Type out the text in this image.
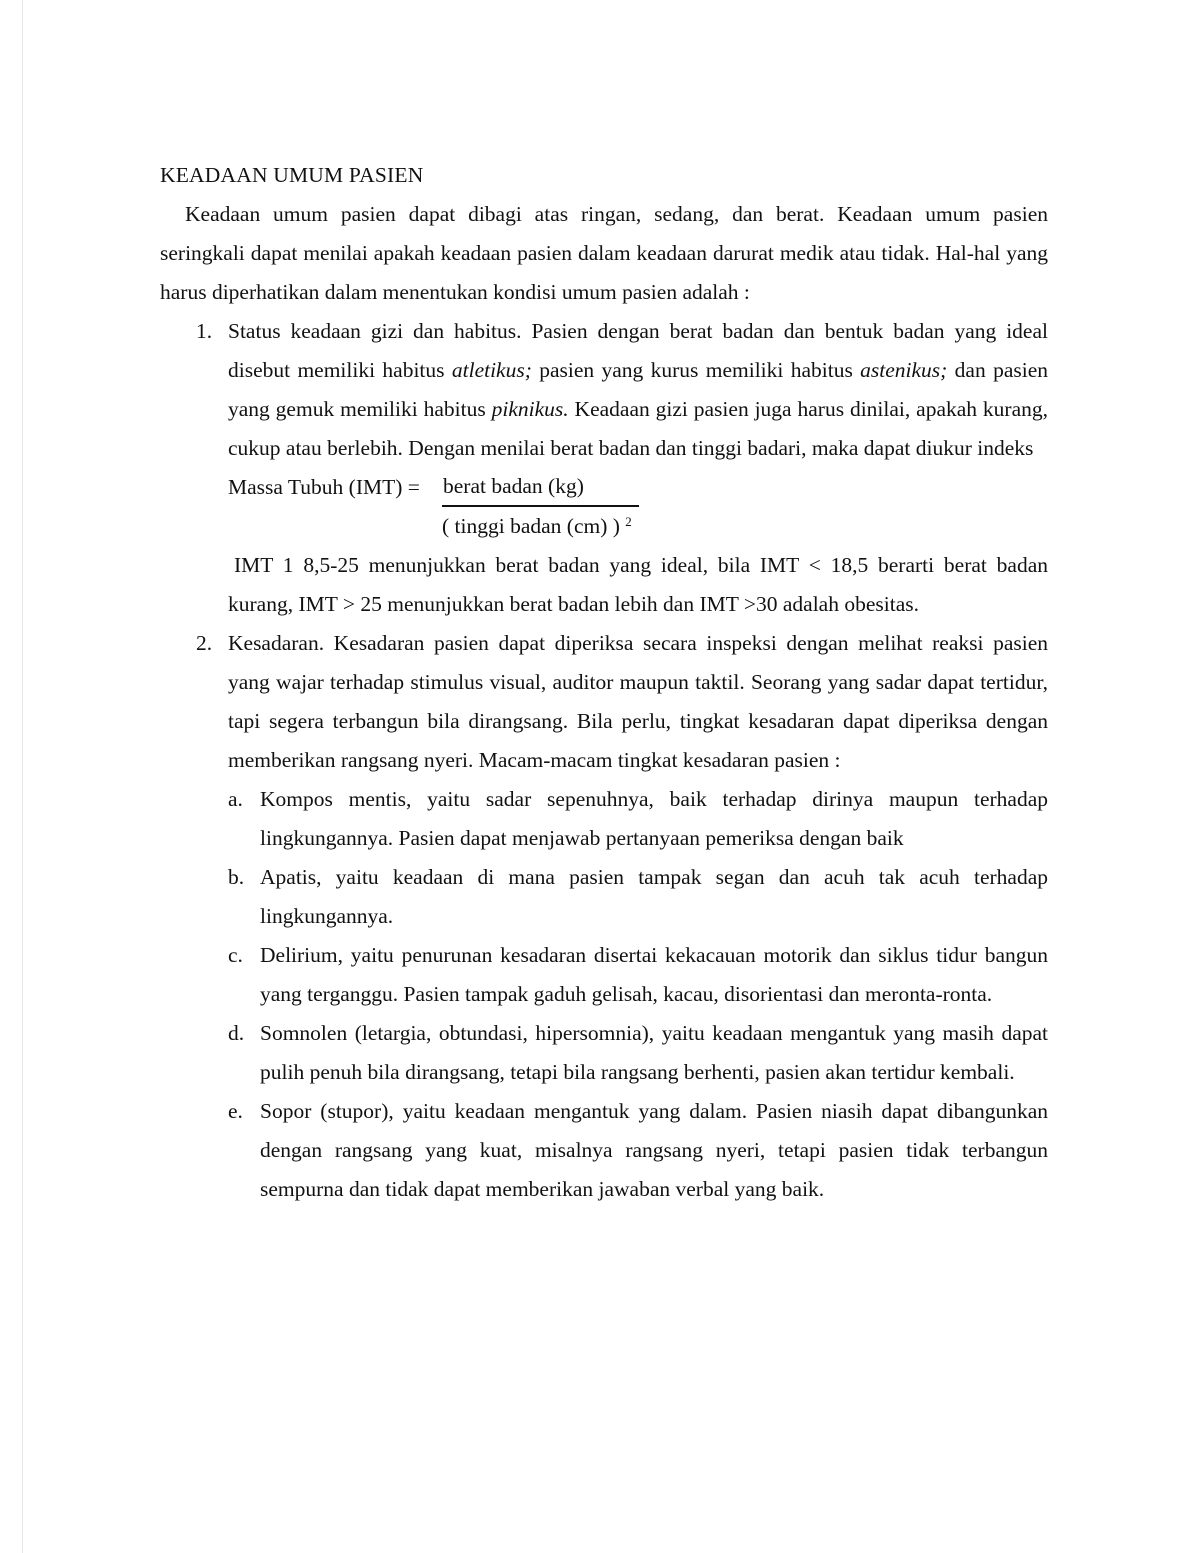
KEADAAN UMUM PASIEN

Keadaan umum pasien dapat dibagi atas ringan, sedang, dan berat. Keadaan umum pasien seringkali dapat menilai apakah keadaan pasien dalam keadaan darurat medik atau tidak. Hal-hal yang harus diperhatikan dalam menentukan kondisi umum pasien adalah :

1. Status keadaan gizi dan habitus. Pasien dengan berat badan dan bentuk badan yang ideal disebut memiliki habitus atletikus; pasien yang kurus memiliki habitus astenikus; dan pasien yang gemuk memiliki habitus piknikus. Keadaan gizi pasien juga harus dinilai, apakah kurang, cukup atau berlebih. Dengan menilai berat badan dan tinggi badari, maka dapat diukur indeks

Massa Tubuh (IMT) = berat badan (kg)
( tinggi badan (cm) ) $^2$

IMT 1 8,5-25 menunjukkan berat badan yang ideal, bila IMT < 18,5 berarti berat badan kurang, IMT > 25 menunjukkan berat badan lebih dan IMT >30 adalah obesitas.

2. Kesadaran. Kesadaran pasien dapat diperiksa secara inspeksi dengan melihat reaksi pasien yang wajar terhadap stimulus visual, auditor maupun taktil. Seorang yang sadar dapat tertidur, tapi segera terbangun bila dirangsang. Bila perlu, tingkat kesadaran dapat diperiksa dengan memberikan rangsang nyeri. Macam-macam tingkat kesadaran pasien :

a. Kompos mentis, yaitu sadar sepenuhnya, baik terhadap dirinya maupun terhadap lingkungannya. Pasien dapat menjawab pertanyaan pemeriksa dengan baik

b. Apatis, yaitu keadaan di mana pasien tampak segan dan acuh tak acuh terhadap lingkungannya.

c. Delirium, yaitu penurunan kesadaran disertai kekacauan motorik dan siklus tidur bangun yang terganggu. Pasien tampak gaduh gelisah, kacau, disorientasi dan meronta-ronta.

d. Somnolen (letargia, obtundasi, hipersomnia), yaitu keadaan mengantuk yang masih dapat pulih penuh bila dirangsang, tetapi bila rangsang berhenti, pasien akan tertidur kembali.

e. Sopor (stupor), yaitu keadaan mengantuk yang dalam. Pasien niasih dapat dibangunkan dengan rangsang yang kuat, misalnya rangsang nyeri, tetapi pasien tidak terbangun sempurna dan tidak dapat memberikan jawaban verbal yang baik.
